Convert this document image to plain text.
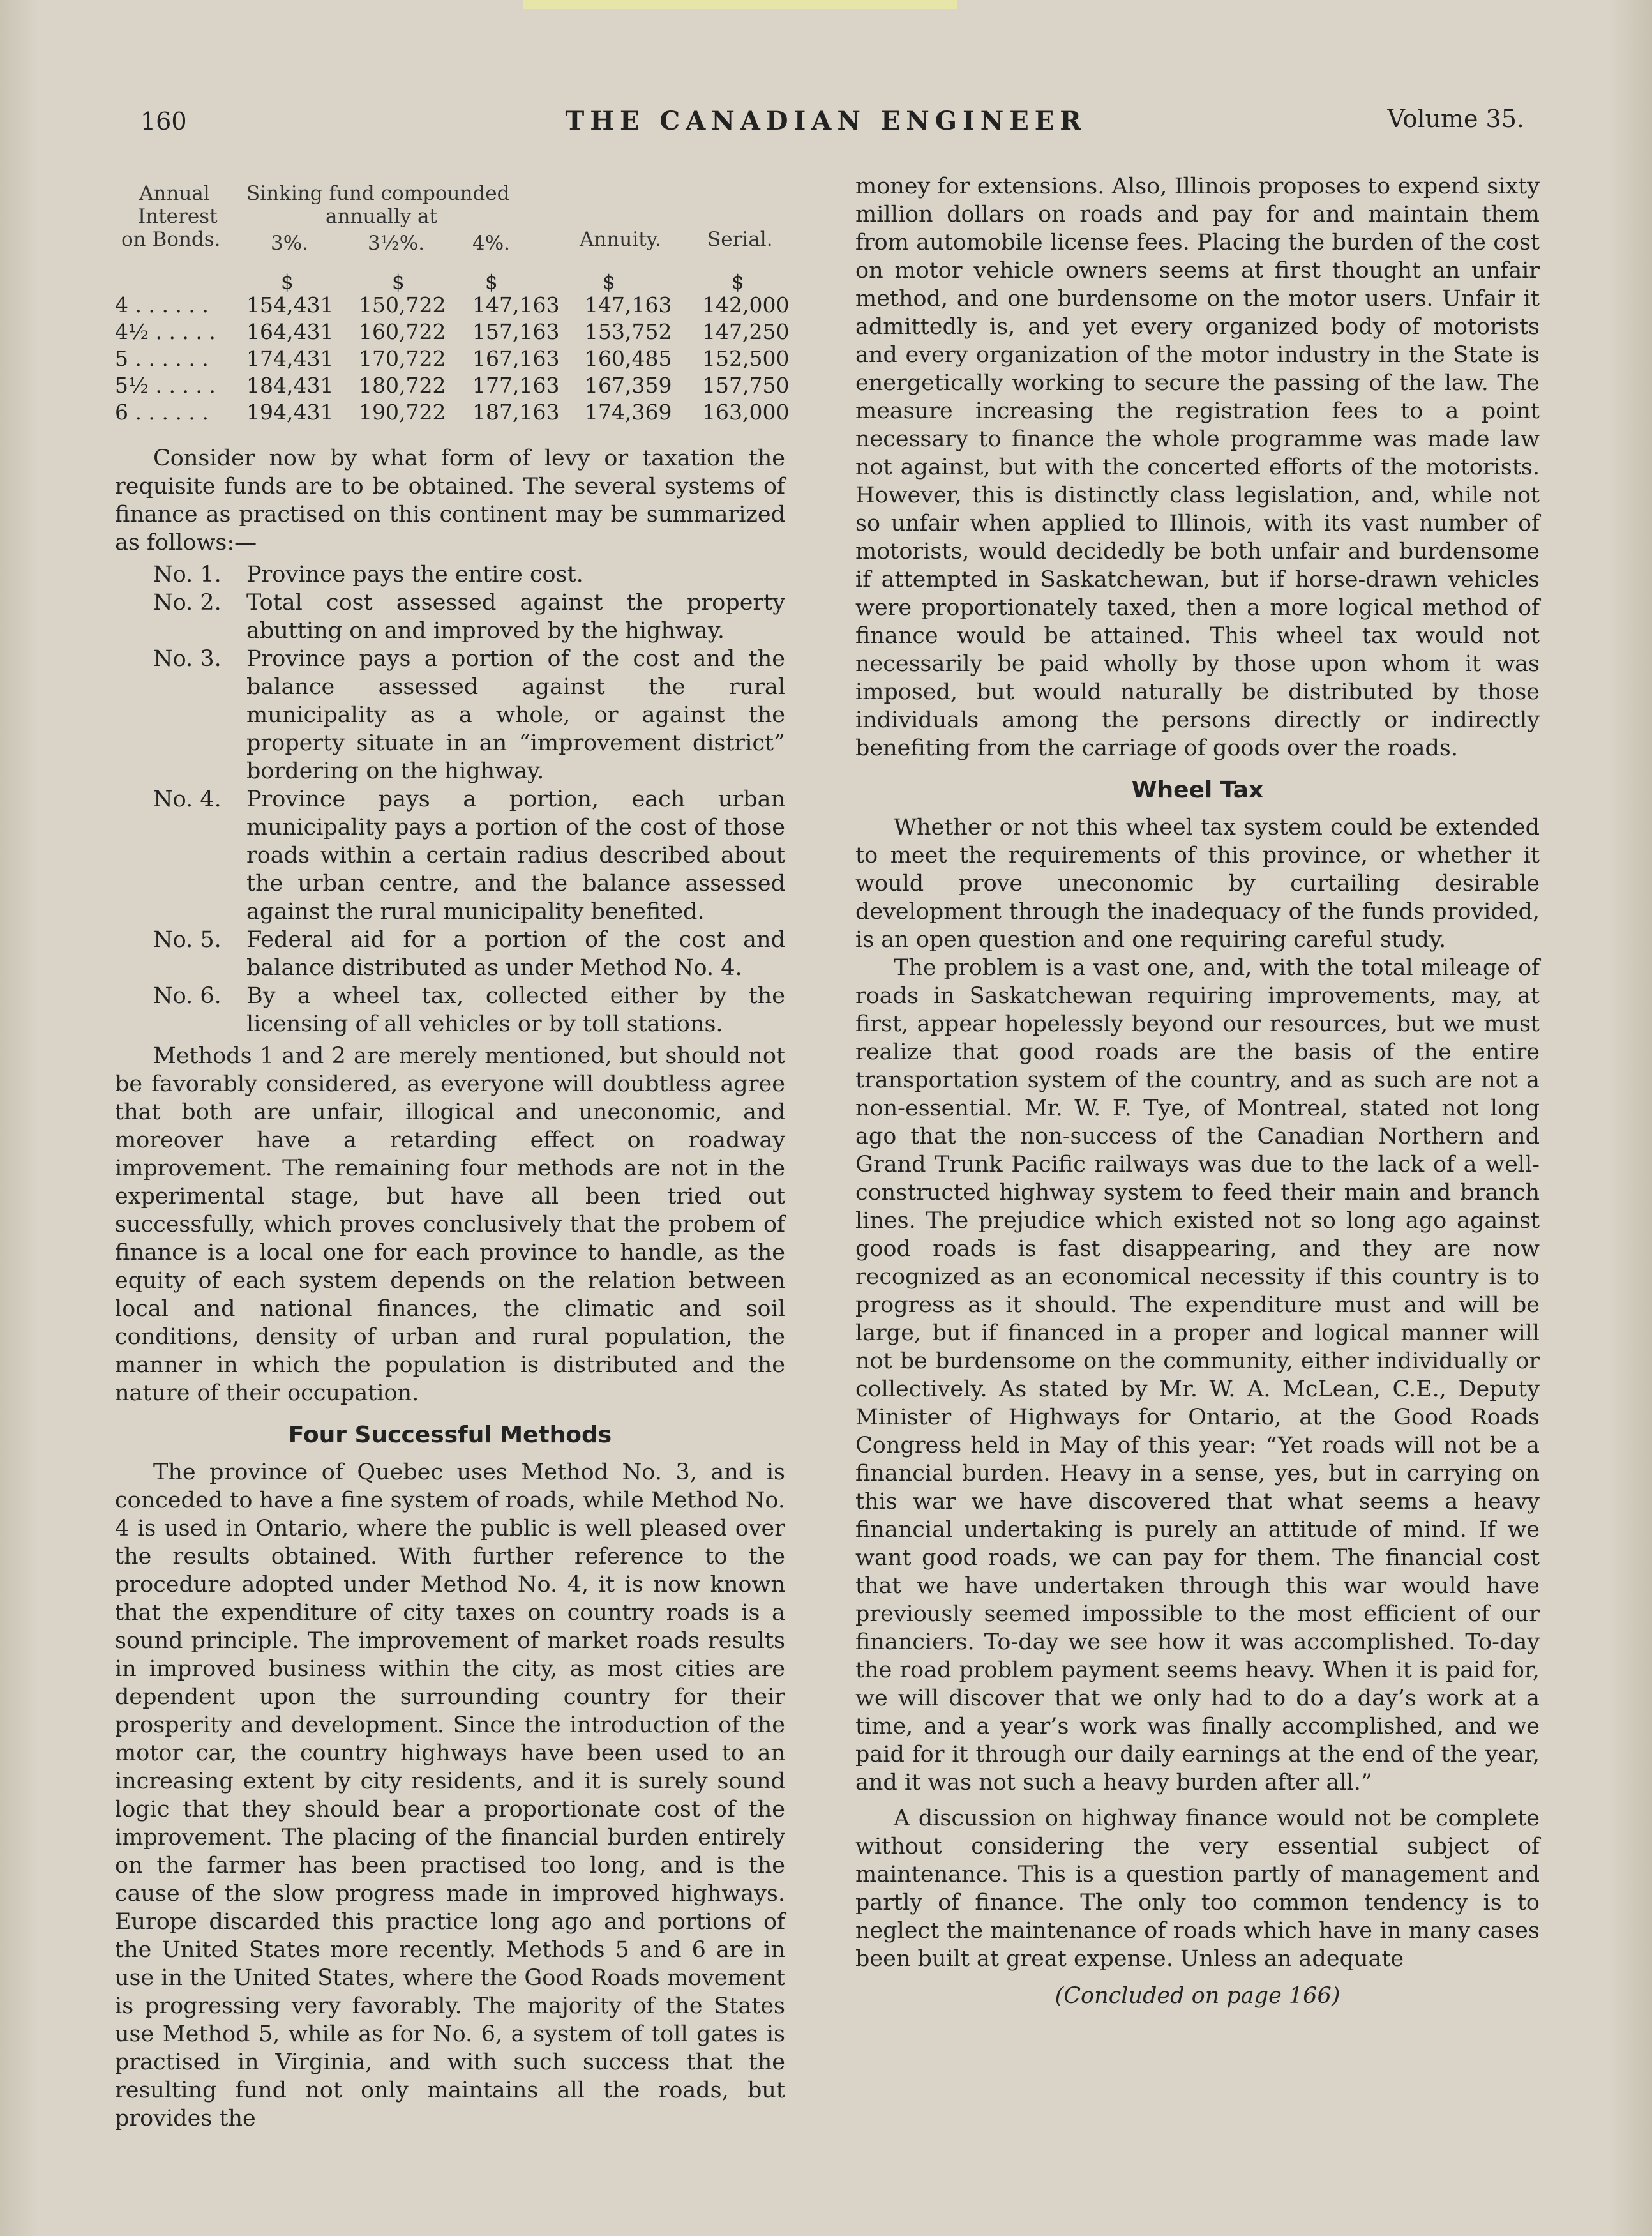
160	THE CANADIAN ENGINEER	Volume 35.
Annual
Interest
on Bonds.
Sinking fund compounded
annually at
3%.	3½%. 4%.	Annuity. Serial.
$	$	$	$	$
4 . . . . . . 154,431 150,722 147,163 147,163 142,000
4½ . . . . . 164,431 160,722 157,163 153,752 147,250
5 . . . . . . 174,431 170,722 167,163 160,485 152,500
5½ . . . . . 184,431 180,722 177,163 167,359 157,750
6 . . . . . . 194,431 190,722 187,163 174,369 163,000

Consider now by what form of levy or taxation the requisite funds are to be obtained. The several systems of finance as practised on this continent may be summarized as follows:—

No. 1. Province pays the entire cost.
No. 2. Total cost assessed against the property abutting on and improved by the highway.
No. 3. Province pays a portion of the cost and the balance assessed against the rural municipality as a whole, or against the property situate in an “improvement district” bordering on the highway.
No. 4. Province pays a portion, each urban municipality pays a portion of the cost of those roads within a certain radius described about the urban centre, and the balance assessed against the rural municipality benefited.
No. 5. Federal aid for a portion of the cost and balance distributed as under Method No. 4.
No. 6. By a wheel tax, collected either by the licensing of all vehicles or by toll stations.

Methods 1 and 2 are merely mentioned, but should not be favorably considered, as everyone will doubtless agree that both are unfair, illogical and uneconomic, and moreover have a retarding effect on roadway improvement. The remaining four methods are not in the experimental stage, but have all been tried out successfully, which proves conclusively that the probem of finance is a local one for each province to handle, as the equity of each system depends on the relation between local and national finances, the climatic and soil conditions, density of urban and rural population, the manner in which the population is distributed and the nature of their occupation.

Four Successful Methods

The province of Quebec uses Method No. 3, and is conceded to have a fine system of roads, while Method No. 4 is used in Ontario, where the public is well pleased over the results obtained. With further reference to the procedure adopted under Method No. 4, it is now known that the expenditure of city taxes on country roads is a sound principle. The improvement of market roads results in improved business within the city, as most cities are dependent upon the surrounding country for their prosperity and development. Since the introduction of the motor car, the country highways have been used to an increasing extent by city residents, and it is surely sound logic that they should bear a proportionate cost of the improvement. The placing of the financial burden entirely on the farmer has been practised too long, and is the cause of the slow progress made in improved highways. Europe discarded this practice long ago and portions of the United States more recently. Methods 5 and 6 are in use in the United States, where the Good Roads movement is progressing very favorably. The majority of the States use Method 5, while as for No. 6, a system of toll gates is practised in Virginia, and with such success that the resulting fund not only maintains all the roads, but provides the

money for extensions. Also, Illinois proposes to expend sixty million dollars on roads and pay for and maintain them from automobile license fees. Placing the burden of the cost on motor vehicle owners seems at first thought an unfair method, and one burdensome on the motor users. Unfair it admittedly is, and yet every organized body of motorists and every organization of the motor industry in the State is energetically working to secure the passing of the law. The measure increasing the registration fees to a point necessary to finance the whole programme was made law not against, but with the concerted efforts of the motorists. However, this is distinctly class legislation, and, while not so unfair when applied to Illinois, with its vast number of motorists, would decidedly be both unfair and burdensome if attempted in Saskatchewan, but if horse-drawn vehicles were proportionately taxed, then a more logical method of finance would be attained. This wheel tax would not necessarily be paid wholly by those upon whom it was imposed, but would naturally be distributed by those individuals among the persons directly or indirectly benefiting from the carriage of goods over the roads.

Wheel Tax

Whether or not this wheel tax system could be extended to meet the requirements of this province, or whether it would prove uneconomic by curtailing desirable development through the inadequacy of the funds provided, is an open question and one requiring careful study.

The problem is a vast one, and, with the total mileage of roads in Saskatchewan requiring improvements, may, at first, appear hopelessly beyond our resources, but we must realize that good roads are the basis of the entire transportation system of the country, and as such are not a non-essential. Mr. W. F. Tye, of Montreal, stated not long ago that the non-success of the Canadian Northern and Grand Trunk Pacific railways was due to the lack of a well-constructed highway system to feed their main and branch lines. The prejudice which existed not so long ago against good roads is fast disappearing, and they are now recognized as an economical necessity if this country is to progress as it should. The expenditure must and will be large, but if financed in a proper and logical manner will not be burdensome on the community, either individually or collectively. As stated by Mr. W. A. McLean, C.E., Deputy Minister of Highways for Ontario, at the Good Roads Congress held in May of this year: “Yet roads will not be a financial burden. Heavy in a sense, yes, but in carrying on this war we have discovered that what seems a heavy financial undertaking is purely an attitude of mind. If we want good roads, we can pay for them. The financial cost that we have undertaken through this war would have previously seemed impossible to the most efficient of our financiers. To-day we see how it was accomplished. To-day the road problem payment seems heavy. When it is paid for, we will discover that we only had to do a day’s work at a time, and a year’s work was finally accomplished, and we paid for it through our daily earnings at the end of the year, and it was not such a heavy burden after all.”

A discussion on highway finance would not be complete without considering the very essential subject of maintenance. This is a question partly of management and partly of finance. The only too common tendency is to neglect the maintenance of roads which have in many cases been built at great expense. Unless an adequate

(Concluded on page 166)
